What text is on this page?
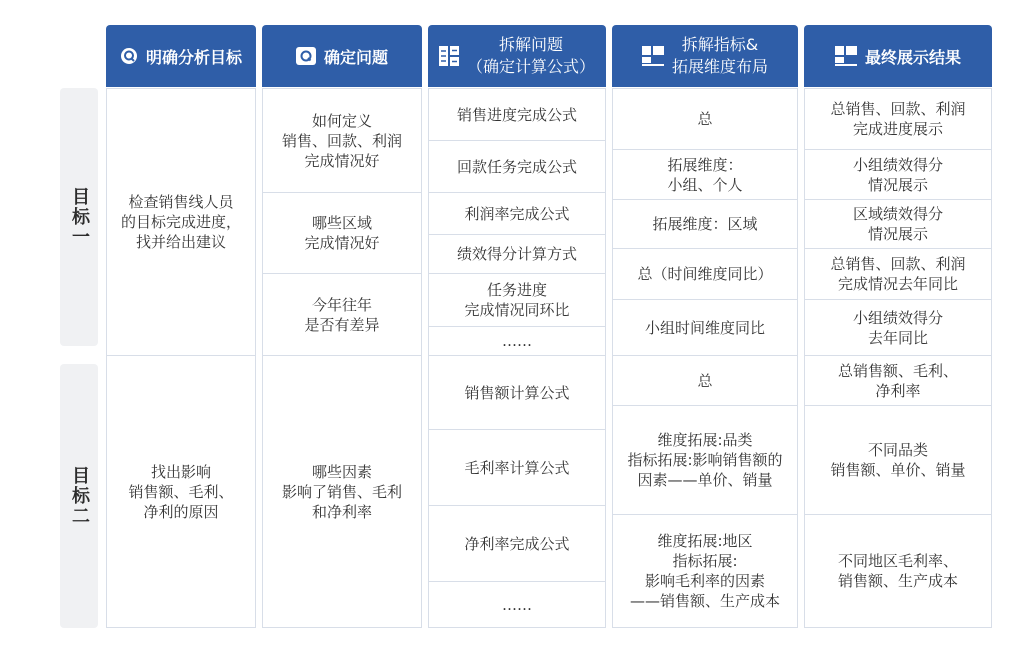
目标一
目标二
明确分析目标	确定问题
拆解问题
（确定计算公式）
拆解指标&
拓展维度布局	最终展示结果
检查销售线人员
的目标完成进度，
找并给出建议
找出影响
销售额、毛利、
净利的原因
如何定义
销售、回款、利润
完成情况好
哪些区域
完成情况好
今年往年
是否有差异
哪些因素
影响了销售、毛利
和净利率
销售进度完成公式
回款任务完成公式
利润率完成公式
绩效得分计算方式
任务进度
完成情况同环比
……
销售额计算公式
毛利率计算公式
净利率完成公式
……
总
拓展维度：
小组、个人
拓展维度：区域
总（时间维度同比）
小组时间维度同比
总
维度拓展:品类
指标拓展:影响销售额的
因素——单价、销量
维度拓展:地区
指标拓展:
影响毛利率的因素
——销售额、生产成本
总销售、回款、利润
完成进度展示
小组绩效得分
情况展示
区域绩效得分
情况展示
总销售、回款、利润
完成情况去年同比
小组绩效得分
去年同比
总销售额、毛利、
净利率
不同品类
销售额、单价、销量
不同地区毛利率、
销售额、生产成本
